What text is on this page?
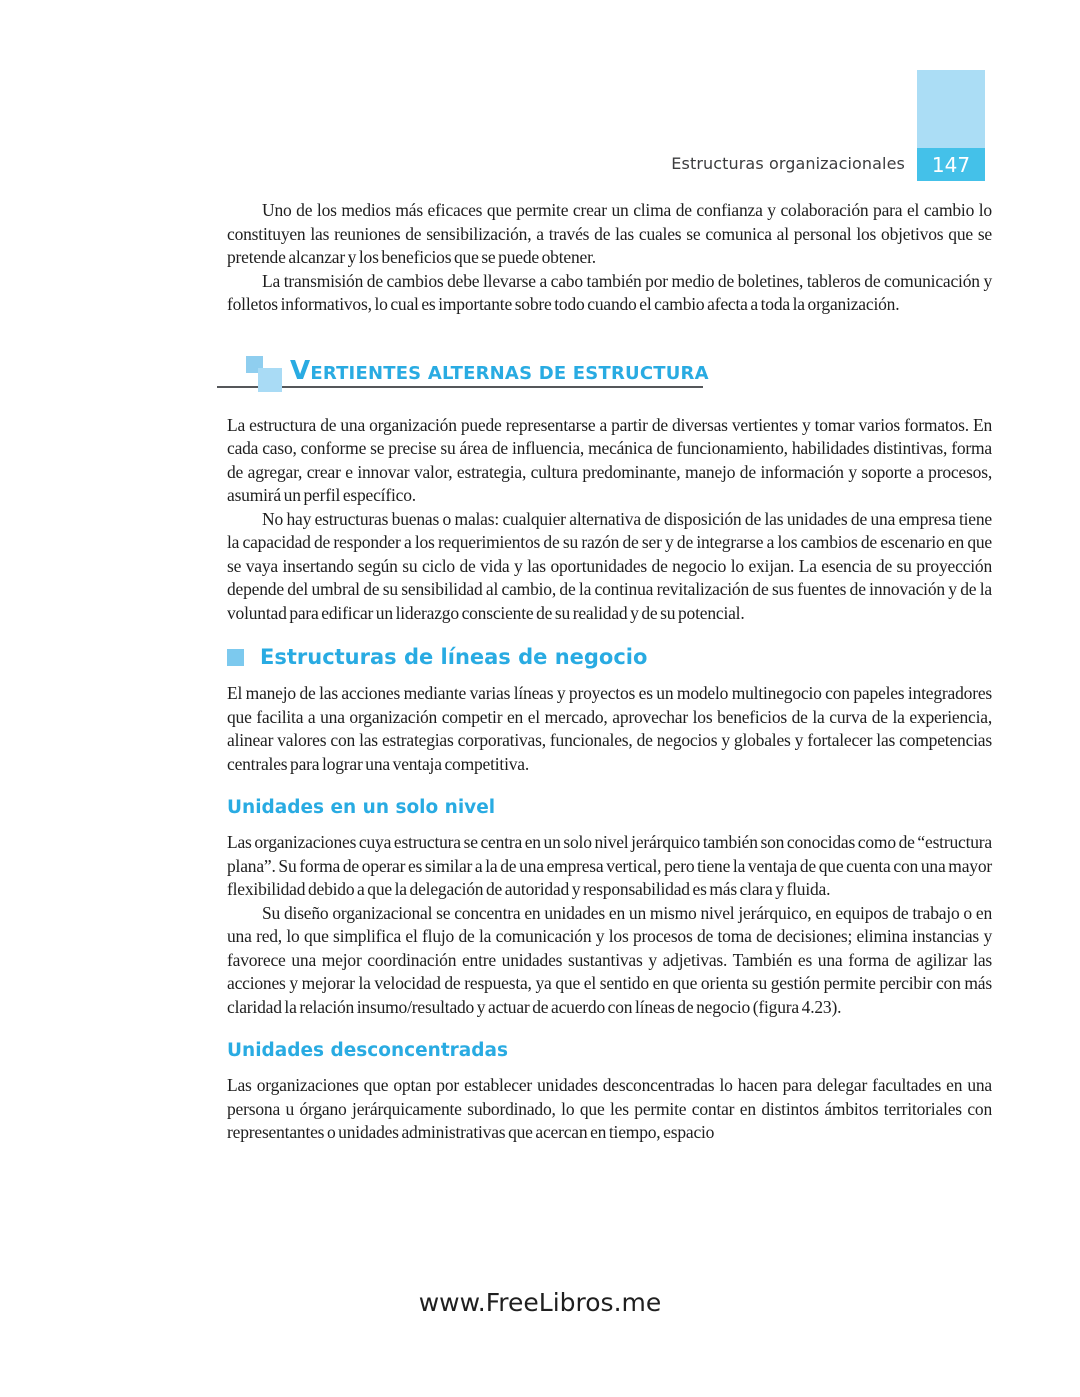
Estructuras organizacionales 147

Uno de los medios más eficaces que permite crear un clima de confianza y colaboración para el cambio lo constituyen las reuniones de sensibilización, a través de las cuales se comunica al personal los objetivos que se pretende alcanzar y los beneficios que se puede obtener.

La transmisión de cambios debe llevarse a cabo también por medio de boletines, tableros de comunicación y folletos informativos, lo cual es importante sobre todo cuando el cambio afecta a toda la organización.

VERTIENTES ALTERNAS DE ESTRUCTURA

La estructura de una organización puede representarse a partir de diversas vertientes y tomar varios formatos. En cada caso, conforme se precise su área de influencia, mecánica de funcionamiento, habilidades distintivas, forma de agregar, crear e innovar valor, estrategia, cultura predominante, manejo de información y soporte a procesos, asumirá un perfil específico.

No hay estructuras buenas o malas: cualquier alternativa de disposición de las unidades de una empresa tiene la capacidad de responder a los requerimientos de su razón de ser y de integrarse a los cambios de escenario en que se vaya insertando según su ciclo de vida y las oportunidades de negocio lo exijan. La esencia de su proyección depende del umbral de su sensibilidad al cambio, de la continua revitalización de sus fuentes de innovación y de la voluntad para edificar un liderazgo consciente de su realidad y de su potencial.

Estructuras de líneas de negocio

El manejo de las acciones mediante varias líneas y proyectos es un modelo multinegocio con papeles integradores que facilita a una organización competir en el mercado, aprovechar los beneficios de la curva de la experiencia, alinear valores con las estrategias corporativas, funcionales, de negocios y globales y fortalecer las competencias centrales para lograr una ventaja competitiva.

Unidades en un solo nivel

Las organizaciones cuya estructura se centra en un solo nivel jerárquico también son conocidas como de “estructura plana”. Su forma de operar es similar a la de una empresa vertical, pero tiene la ventaja de que cuenta con una mayor flexibilidad debido a que la delegación de autoridad y responsabilidad es más clara y fluida.

Su diseño organizacional se concentra en unidades en un mismo nivel jerárquico, en equipos de trabajo o en una red, lo que simplifica el flujo de la comunicación y los procesos de toma de decisiones; elimina instancias y favorece una mejor coordinación entre unidades sustantivas y adjetivas. También es una forma de agilizar las acciones y mejorar la velocidad de respuesta, ya que el sentido en que orienta su gestión permite percibir con más claridad la relación insumo/resultado y actuar de acuerdo con líneas de negocio (figura 4.23).

Unidades desconcentradas

Las organizaciones que optan por establecer unidades desconcentradas lo hacen para delegar facultades en una persona u órgano jerárquicamente subordinado, lo que les permite contar en distintos ámbitos territoriales con representantes o unidades administrativas que acercan en tiempo, espacio

www.FreeLibros.me
